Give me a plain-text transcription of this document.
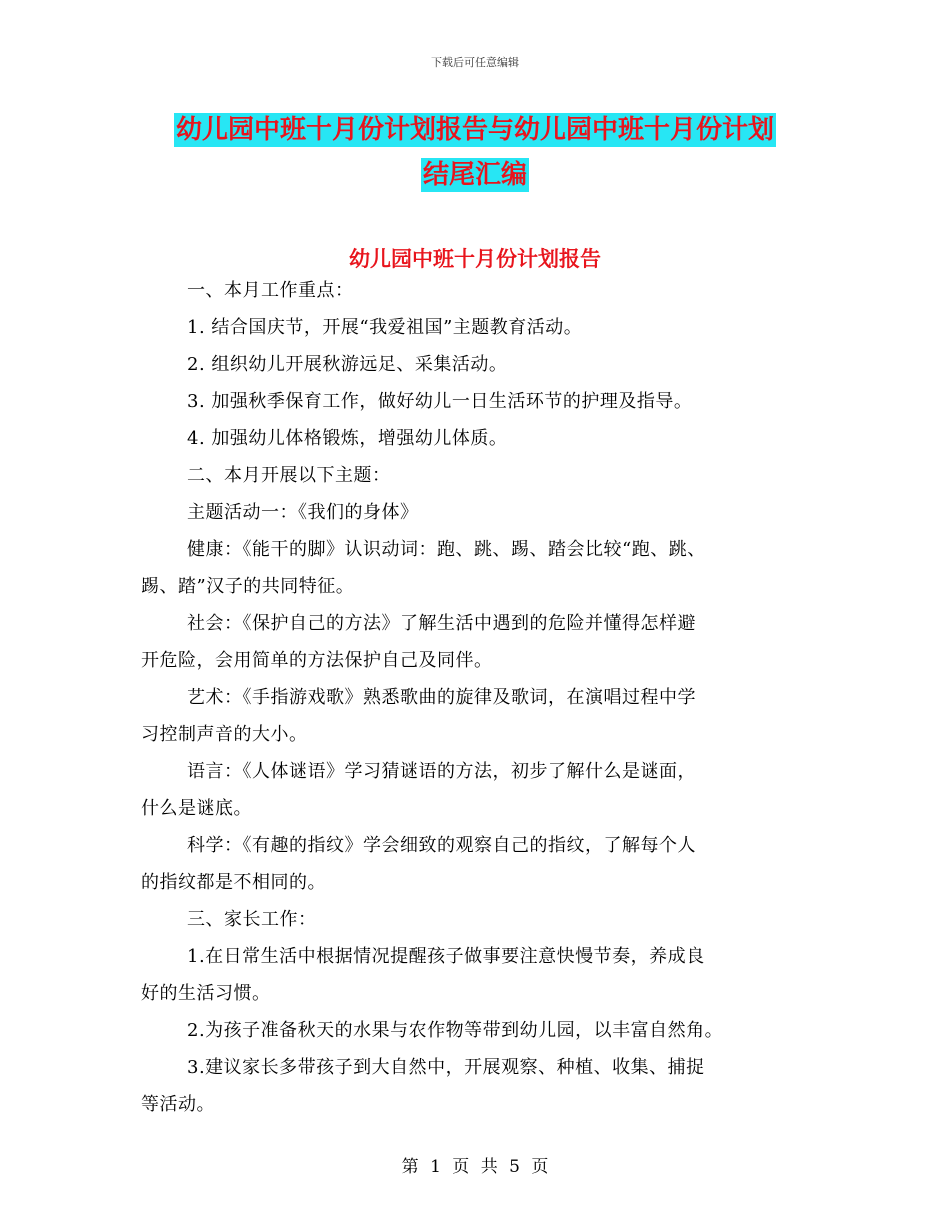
下载后可任意编辑
幼儿园中班十月份计划报告与幼儿园中班十月份计划
结尾汇编
幼儿园中班十月份计划报告
一、本月工作重点：
1. 结合国庆节，开展“我爱祖国”主题教育活动。
2. 组织幼儿开展秋游远足、采集活动。
3. 加强秋季保育工作，做好幼儿一日生活环节的护理及指导。
4. 加强幼儿体格锻炼，增强幼儿体质。
二、本月开展以下主题：
主题活动一：《我们的身体》
健康：《能干的脚》认识动词：跑、跳、踢、踏会比较“跑、跳、
踢、踏”汉子的共同特征。
社会：《保护自己的方法》了解生活中遇到的危险并懂得怎样避
开危险，会用简单的方法保护自己及同伴。
艺术：《手指游戏歌》熟悉歌曲的旋律及歌词，在演唱过程中学
习控制声音的大小。
语言：《人体谜语》学习猜谜语的方法，初步了解什么是谜面，
什么是谜底。
科学：《有趣的指纹》学会细致的观察自己的指纹，了解每个人
的指纹都是不相同的。
三、家长工作：
1.在日常生活中根据情况提醒孩子做事要注意快慢节奏，养成良
好的生活习惯。
2.为孩子准备秋天的水果与农作物等带到幼儿园，以丰富自然角。
3.建议家长多带孩子到大自然中，开展观察、种植、收集、捕捉
等活动。
第 1 页 共 5 页
